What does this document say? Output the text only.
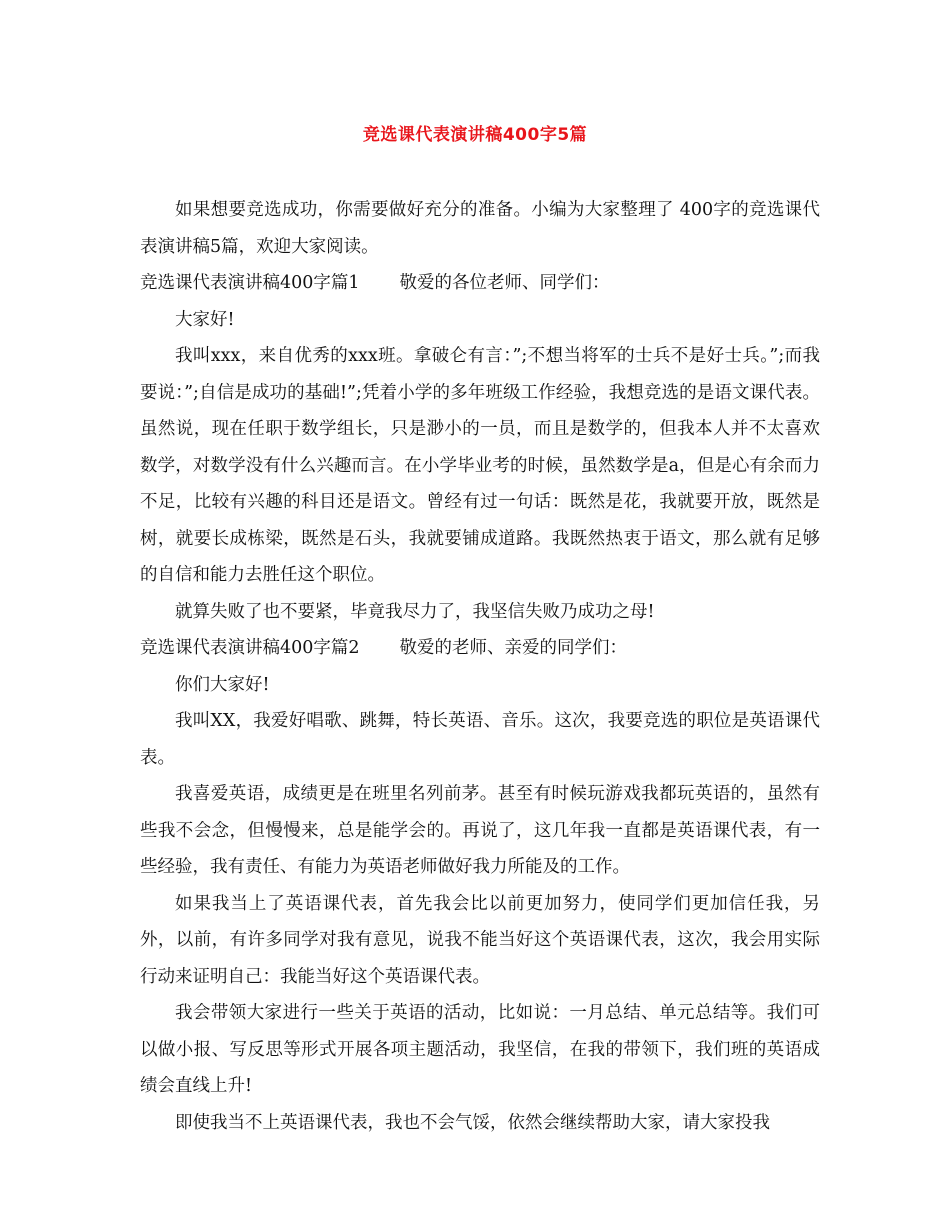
竞选课代表演讲稿400字5篇

如果想要竞选成功，你需要做好充分的准备。小编为大家整理了 400字的竞选课代表演讲稿5篇，欢迎大家阅读。

竞选课代表演讲稿400字篇1 敬爱的各位老师、同学们：

大家好!

我叫xxx，来自优秀的xxx班。拿破仑有言：”;不想当将军的士兵不是好士兵。”;而我要说：”;自信是成功的基础!”;凭着小学的多年班级工作经验，我想竞选的是语文课代表。虽然说，现在任职于数学组长，只是渺小的一员，而且是数学的，但我本人并不太喜欢数学，对数学没有什么兴趣而言。在小学毕业考的时候，虽然数学是a，但是心有余而力不足，比较有兴趣的科目还是语文。曾经有过一句话：既然是花，我就要开放，既然是树，就要长成栋梁，既然是石头，我就要铺成道路。我既然热衷于语文，那么就有足够的自信和能力去胜任这个职位。

就算失败了也不要紧，毕竟我尽力了，我坚信失败乃成功之母!

竞选课代表演讲稿400字篇2 敬爱的老师、亲爱的同学们：

你们大家好!

我叫XX，我爱好唱歌、跳舞，特长英语、音乐。这次，我要竞选的职位是英语课代表。

我喜爱英语，成绩更是在班里名列前茅。甚至有时候玩游戏我都玩英语的，虽然有些我不会念，但慢慢来，总是能学会的。再说了，这几年我一直都是英语课代表，有一些经验，我有责任、有能力为英语老师做好我力所能及的工作。

如果我当上了英语课代表，首先我会比以前更加努力，使同学们更加信任我，另外，以前，有许多同学对我有意见，说我不能当好这个英语课代表，这次，我会用实际行动来证明自己：我能当好这个英语课代表。

我会带领大家进行一些关于英语的活动，比如说：一月总结、单元总结等。我们可以做小报、写反思等形式开展各项主题活动，我坚信，在我的带领下，我们班的英语成绩会直线上升!

即使我当不上英语课代表，我也不会气馁，依然会继续帮助大家，请大家投我
